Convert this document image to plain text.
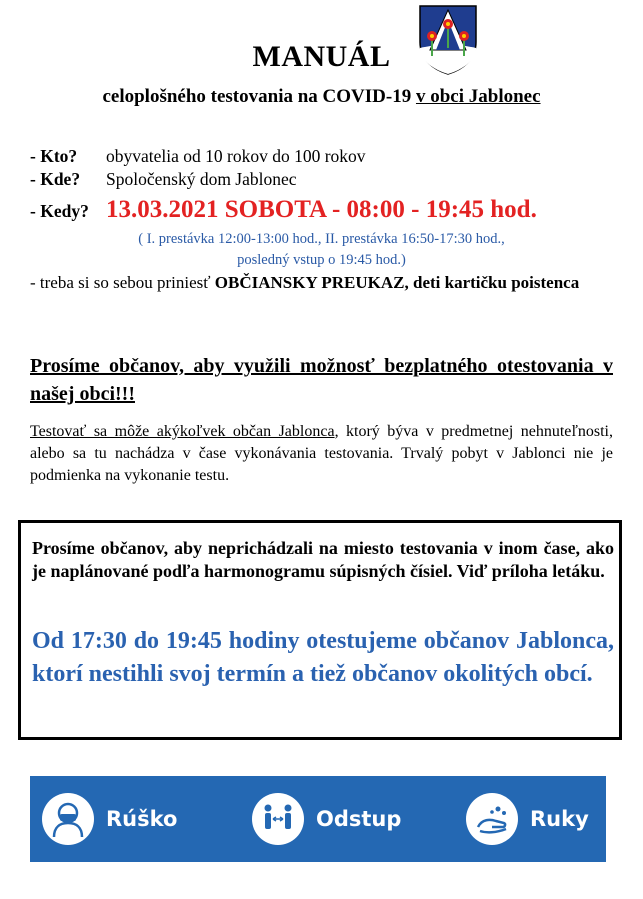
MANUÁL
celoplošného testovania na COVID-19 v obci Jablonec
- Kto? obyvatelia od 10 rokov do 100 rokov
- Kde? Spoločenský dom Jablonec
- Kedy? 13.03.2021 SOBOTA - 08:00 - 19:45 hod.
( I. prestávka 12:00-13:00 hod., II. prestávka 16:50-17:30 hod.,
posledný vstup o 19:45 hod.)
- treba si so sebou priniesť OBČIANSKY PREUKAZ, deti kartičku poistenca
Prosíme občanov, aby využili možnosť bezplatného otestovania v našej obci!!!
Testovať sa môže akýkoľvek občan Jablonca, ktorý býva v predmetnej nehnuteľnosti, alebo sa tu nachádza v čase vykonávania testovania. Trvalý pobyt v Jablonci nie je podmienka na vykonanie testu.
Prosíme občanov, aby neprichádzali na miesto testovania v inom čase, ako je naplánované podľa harmonogramu súpisných čísiel. Viď príloha letáku.
Od 17:30 do 19:45 hodiny otestujeme občanov Jablonca, ktorí nestihli svoj termín a tiež občanov okolitých obcí.
Rúško	Odstup	Ruky
